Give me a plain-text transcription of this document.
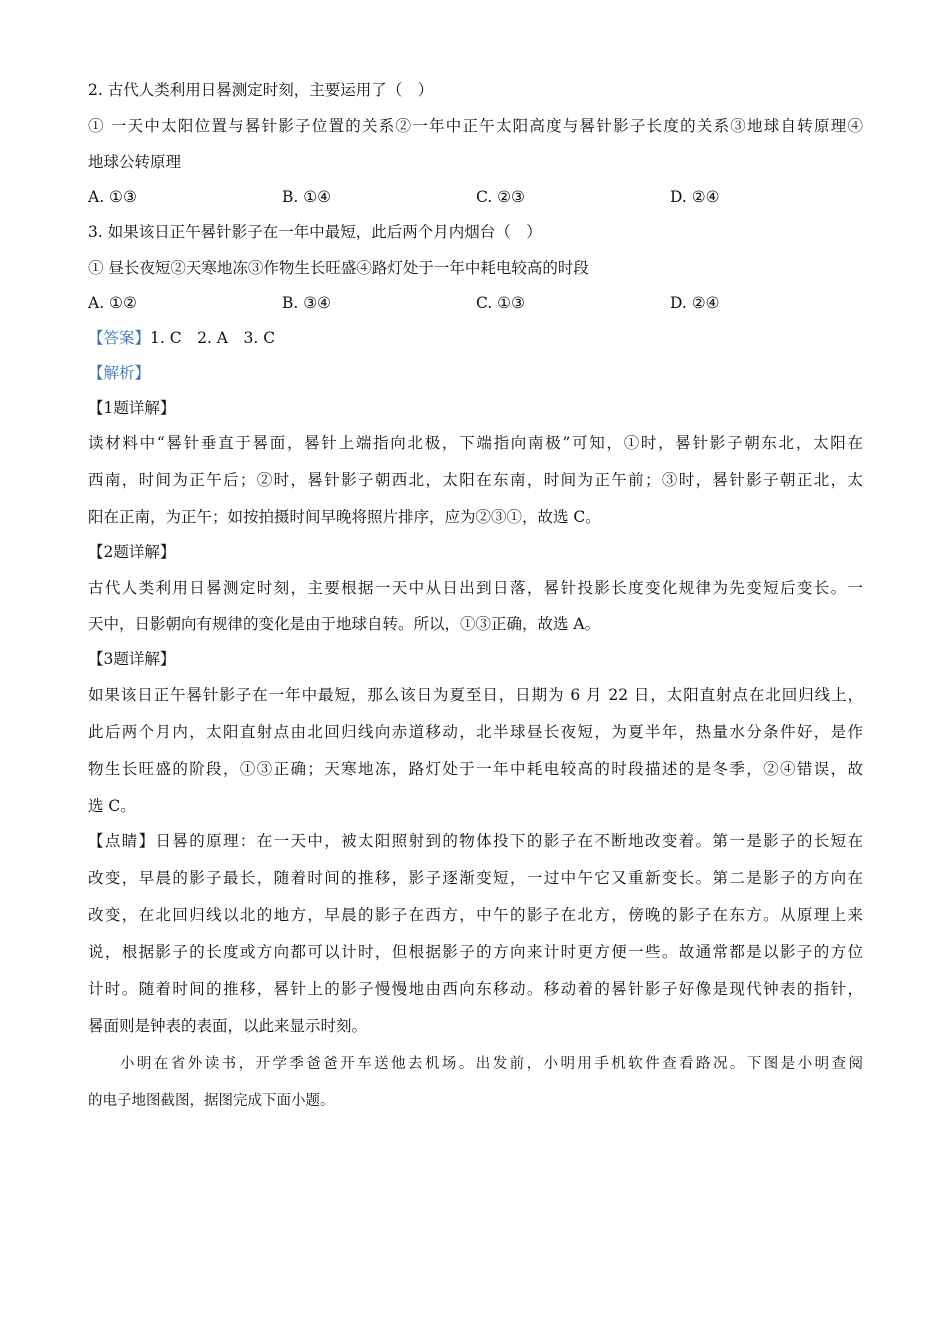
2. 古代人类利用日晷测定时刻，主要运用了（　）
① 一天中太阳位置与晷针影子位置的关系②一年中正午太阳高度与晷针影子长度的关系③地球自转原理④
地球公转原理
A. ①③	B. ①④	C. ②③	D. ②④
3. 如果该日正午晷针影子在一年中最短，此后两个月内烟台（　）
① 昼长夜短②天寒地冻③作物生长旺盛④路灯处于一年中耗电较高的时段
A. ①②	B. ③④	C. ①③	D. ②④
【答案】1. C　2. A　3. C
【解析】
【1题详解】
读材料中“晷针垂直于晷面，晷针上端指向北极，下端指向南极”可知，①时，晷针影子朝东北，太阳在
西南，时间为正午后；②时，晷针影子朝西北，太阳在东南，时间为正午前；③时，晷针影子朝正北，太
阳在正南，为正午；如按拍摄时间早晚将照片排序，应为②③①，故选 C。
【2题详解】
古代人类利用日晷测定时刻，主要根据一天中从日出到日落，晷针投影长度变化规律为先变短后变长。一
天中，日影朝向有规律的变化是由于地球自转。所以，①③正确，故选 A。
【3题详解】
如果该日正午晷针影子在一年中最短，那么该日为夏至日，日期为 6 月 22 日，太阳直射点在北回归线上，
此后两个月内，太阳直射点由北回归线向赤道移动，北半球昼长夜短，为夏半年，热量水分条件好，是作
物生长旺盛的阶段，①③正确；天寒地冻，路灯处于一年中耗电较高的时段描述的是冬季，②④错误，故
选 C。
【点睛】日晷的原理：在一天中，被太阳照射到的物体投下的影子在不断地改变着。第一是影子的长短在
改变，早晨的影子最长，随着时间的推移，影子逐渐变短，一过中午它又重新变长。第二是影子的方向在
改变，在北回归线以北的地方，早晨的影子在西方，中午的影子在北方，傍晚的影子在东方。从原理上来
说，根据影子的长度或方向都可以计时，但根据影子的方向来计时更方便一些。故通常都是以影子的方位
计时。随着时间的推移，晷针上的影子慢慢地由西向东移动。移动着的晷针影子好像是现代钟表的指针，
晷面则是钟表的表面，以此来显示时刻。
小明在省外读书，开学季爸爸开车送他去机场。出发前，小明用手机软件查看路况。下图是小明查阅
的电子地图截图，据图完成下面小题。
